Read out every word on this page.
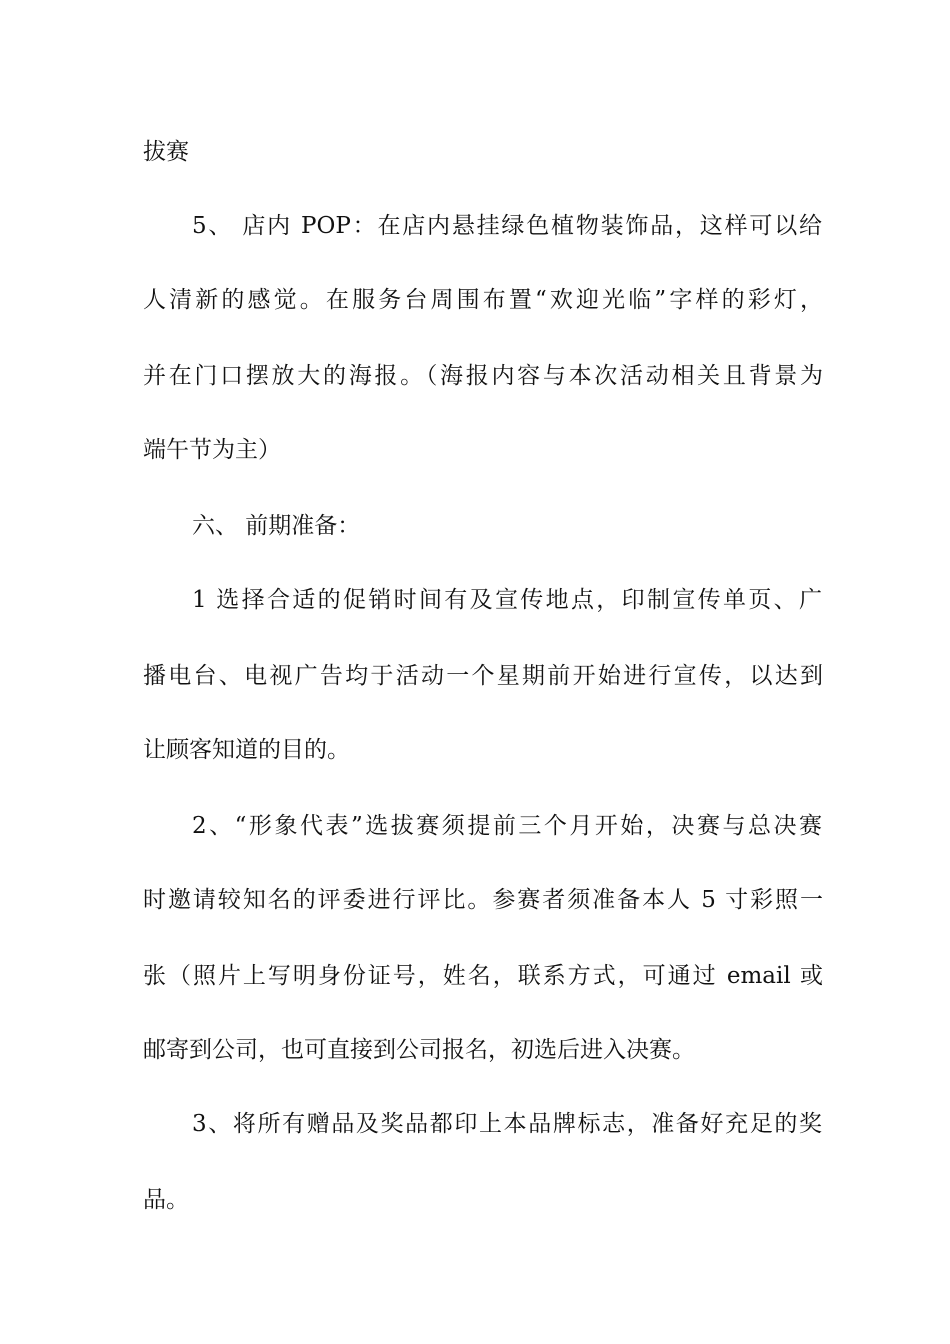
拔赛
5、 店内 POP：在店内悬挂绿色植物装饰品，这样可以给
人清新的感觉。在服务台周围布置“欢迎光临”字样的彩灯，
并在门口摆放大的海报。（海报内容与本次活动相关且背景为
端午节为主）
六、 前期准备：
1 选择合适的促销时间有及宣传地点，印制宣传单页、广
播电台、电视广告均于活动一个星期前开始进行宣传，以达到
让顾客知道的目的。
2、“形象代表”选拔赛须提前三个月开始，决赛与总决赛
时邀请较知名的评委进行评比。参赛者须准备本人 5 寸彩照一
张（照片上写明身份证号，姓名，联系方式，可通过 email 或
邮寄到公司，也可直接到公司报名，初选后进入决赛。
3、将所有赠品及奖品都印上本品牌标志，准备好充足的奖
品。
